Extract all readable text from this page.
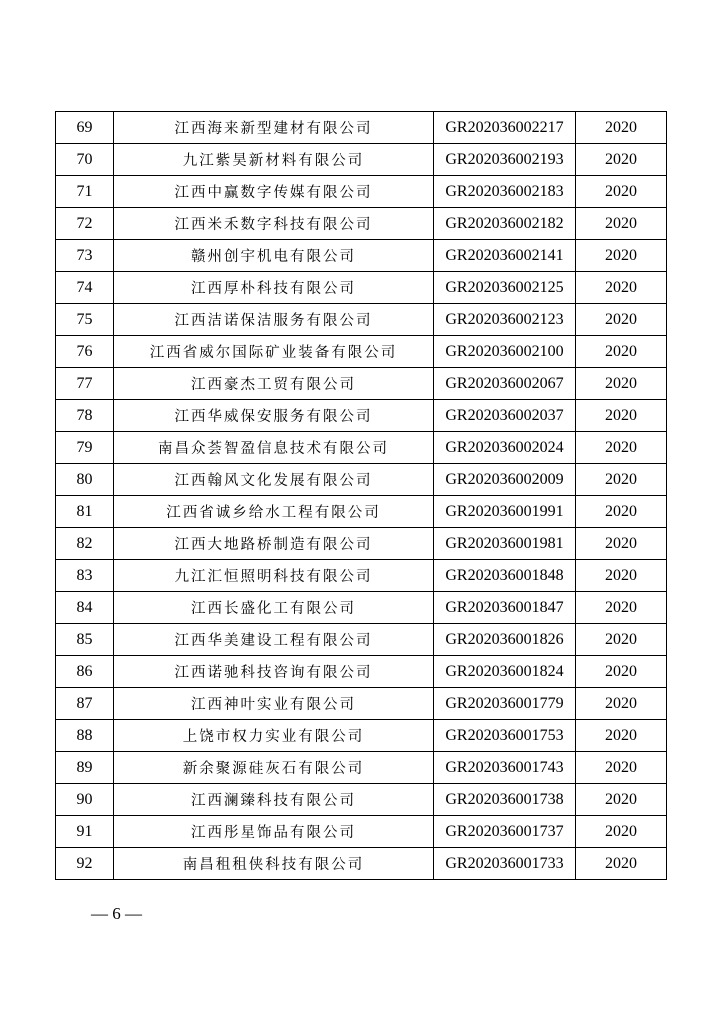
69	江西海来新型建材有限公司	GR202036002217	2020
70	九江紫昊新材料有限公司	GR202036002193	2020
71	江西中赢数字传媒有限公司	GR202036002183	2020
72	江西米禾数字科技有限公司	GR202036002182	2020
73	赣州创宇机电有限公司	GR202036002141	2020
74	江西厚朴科技有限公司	GR202036002125	2020
75	江西洁诺保洁服务有限公司	GR202036002123	2020
76	江西省威尔国际矿业装备有限公司	GR202036002100	2020
77	江西豪杰工贸有限公司	GR202036002067	2020
78	江西华威保安服务有限公司	GR202036002037	2020
79	南昌众荟智盈信息技术有限公司	GR202036002024	2020
80	江西翰风文化发展有限公司	GR202036002009	2020
81	江西省诚乡给水工程有限公司	GR202036001991	2020
82	江西大地路桥制造有限公司	GR202036001981	2020
83	九江汇恒照明科技有限公司	GR202036001848	2020
84	江西长盛化工有限公司	GR202036001847	2020
85	江西华美建设工程有限公司	GR202036001826	2020
86	江西诺驰科技咨询有限公司	GR202036001824	2020
87	江西神叶实业有限公司	GR202036001779	2020
88	上饶市权力实业有限公司	GR202036001753	2020
89	新余聚源硅灰石有限公司	GR202036001743	2020
90	江西澜臻科技有限公司	GR202036001738	2020
91	江西彤星饰品有限公司	GR202036001737	2020
92	南昌租租侠科技有限公司	GR202036001733	2020
— 6 —
